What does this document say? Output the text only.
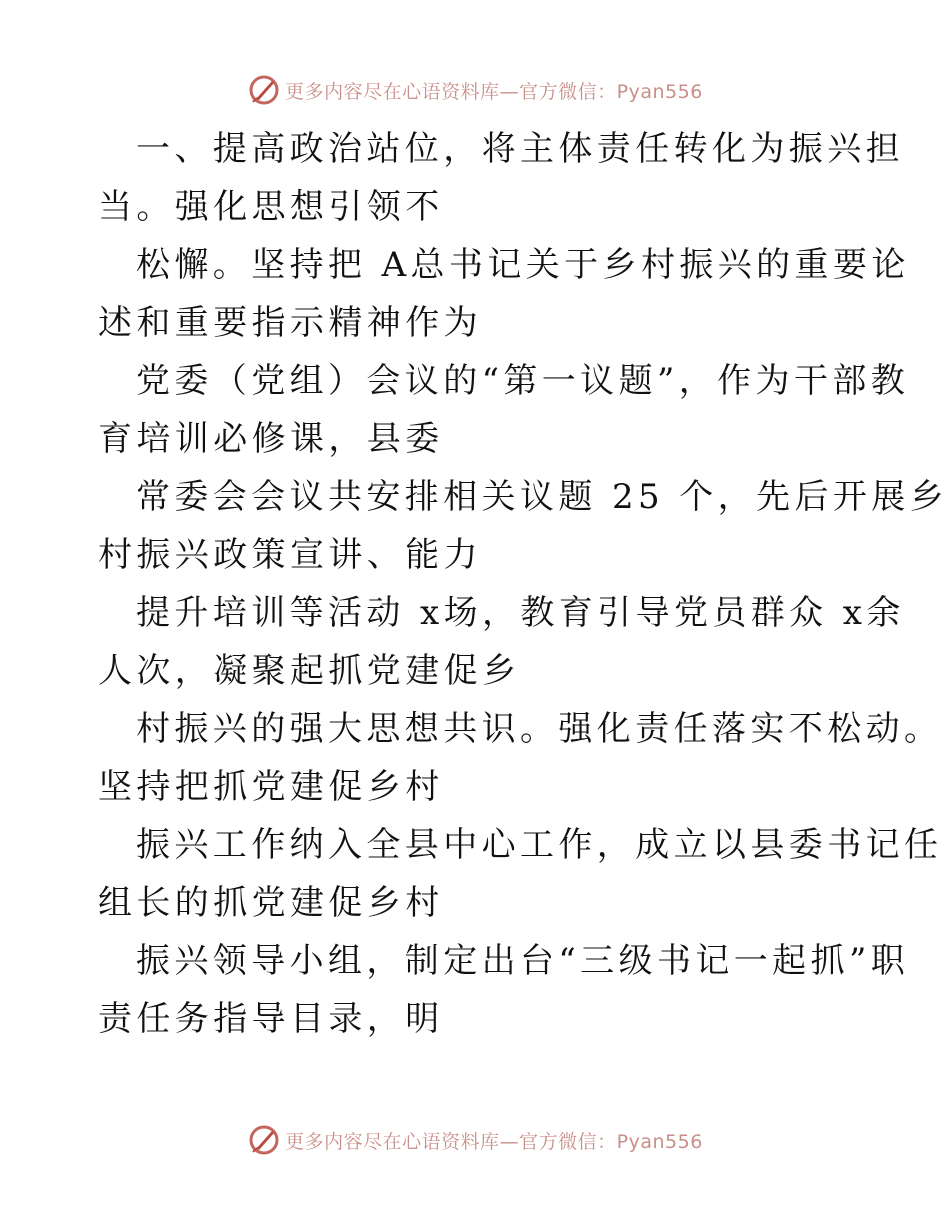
更多内容尽在心语资料库—官方微信：Pyan556
一、提高政治站位，将主体责任转化为振兴担
当。强化思想引领不
松懈。坚持把 A总书记关于乡村振兴的重要论
述和重要指示精神作为
党委（党组）会议的“第一议题”，作为干部教
育培训必修课，县委
常委会会议共安排相关议题 25 个，先后开展乡
村振兴政策宣讲、能力
提升培训等活动 x场，教育引导党员群众 x余
人次，凝聚起抓党建促乡
村振兴的强大思想共识。强化责任落实不松动。
坚持把抓党建促乡村
振兴工作纳入全县中心工作，成立以县委书记任
组长的抓党建促乡村
振兴领导小组，制定出台“三级书记一起抓”职
责任务指导目录，明
更多内容尽在心语资料库—官方微信：Pyan556
